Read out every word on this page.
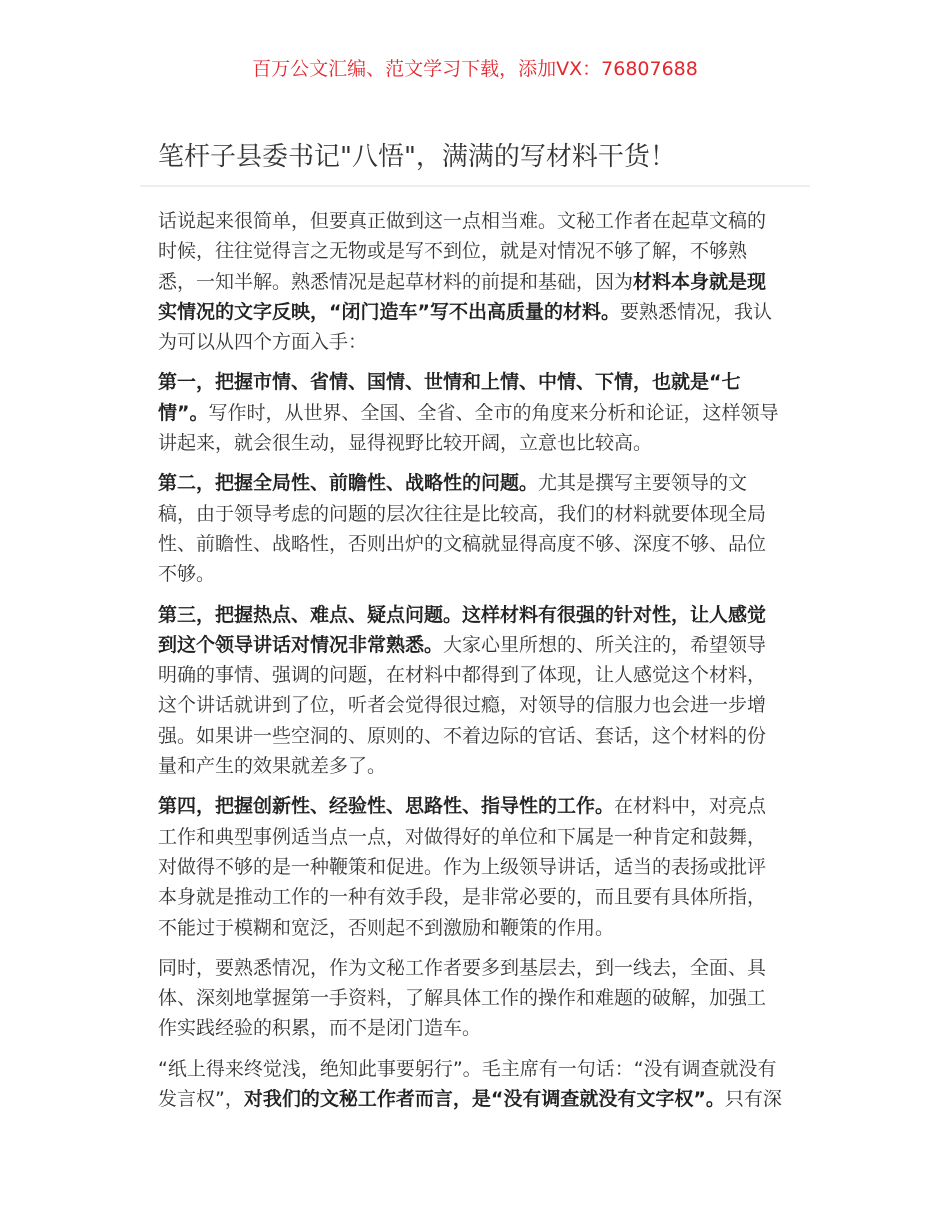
百万公文汇编、范文学习下载，添加VX：76807688
笔杆子县委书记"八悟"，满满的写材料干货！
话说起来很简单，但要真正做到这一点相当难。文秘工作者在起草文稿的
时候，往往觉得言之无物或是写不到位，就是对情况不够了解，不够熟
悉，一知半解。熟悉情况是起草材料的前提和基础，因为材料本身就是现
实情况的文字反映，“闭门造车”写不出高质量的材料。要熟悉情况，我认
为可以从四个方面入手：
第一，把握市情、省情、国情、世情和上情、中情、下情，也就是“七
情”。写作时，从世界、全国、全省、全市的角度来分析和论证，这样领导
讲起来，就会很生动，显得视野比较开阔，立意也比较高。
第二，把握全局性、前瞻性、战略性的问题。尤其是撰写主要领导的文
稿，由于领导考虑的问题的层次往往是比较高，我们的材料就要体现全局
性、前瞻性、战略性，否则出炉的文稿就显得高度不够、深度不够、品位
不够。
第三，把握热点、难点、疑点问题。这样材料有很强的针对性，让人感觉
到这个领导讲话对情况非常熟悉。大家心里所想的、所关注的，希望领导
明确的事情、强调的问题，在材料中都得到了体现，让人感觉这个材料，
这个讲话就讲到了位，听者会觉得很过瘾，对领导的信服力也会进一步增
强。如果讲一些空洞的、原则的、不着边际的官话、套话，这个材料的份
量和产生的效果就差多了。
第四，把握创新性、经验性、思路性、指导性的工作。在材料中，对亮点
工作和典型事例适当点一点，对做得好的单位和下属是一种肯定和鼓舞，
对做得不够的是一种鞭策和促进。作为上级领导讲话，适当的表扬或批评
本身就是推动工作的一种有效手段，是非常必要的，而且要有具体所指，
不能过于模糊和宽泛，否则起不到激励和鞭策的作用。
同时，要熟悉情况，作为文秘工作者要多到基层去，到一线去，全面、具
体、深刻地掌握第一手资料，了解具体工作的操作和难题的破解，加强工
作实践经验的积累，而不是闭门造车。
“纸上得来终觉浅，绝知此事要躬行”。毛主席有一句话：“没有调查就没有
发言权”，对我们的文秘工作者而言，是“没有调查就没有文字权”。只有深
